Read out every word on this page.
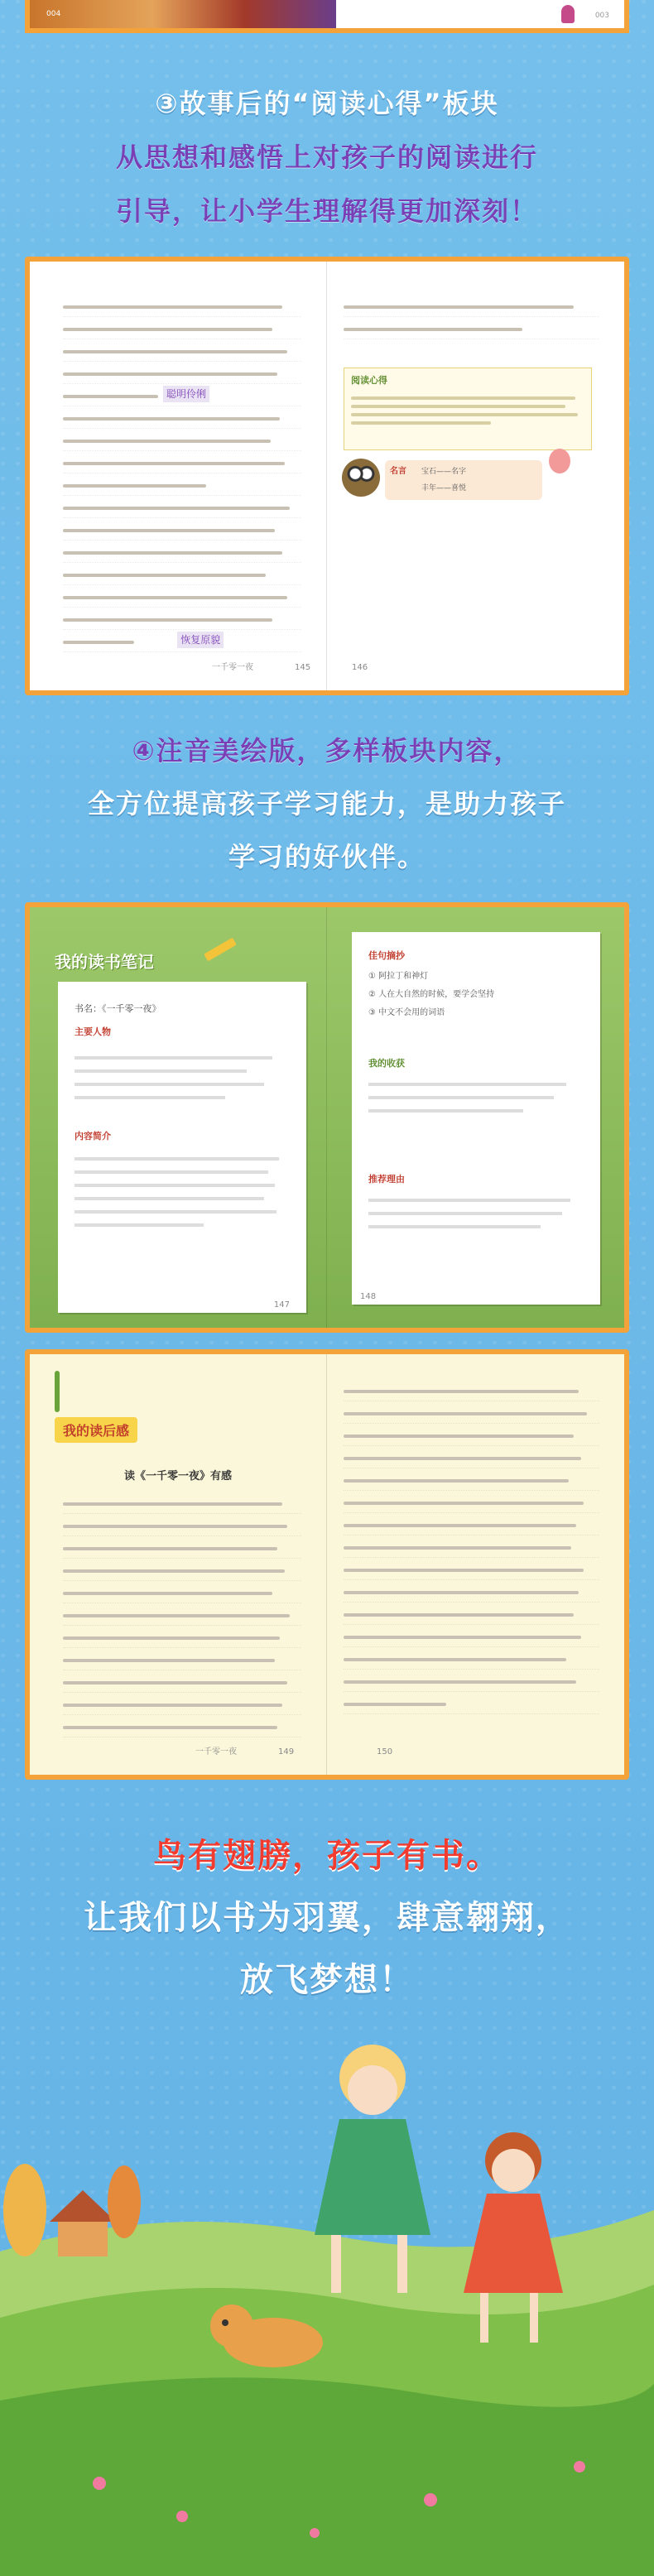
004	003
③故事后的“阅读心得”板块
从思想和感悟上对孩子的阅读进行
引导，让小学生理解得更加深刻！
聪明伶俐
恢复原貌
一千零一夜	145
阅读心得
名言 宝石——名字
丰年——喜悦
146
④注音美绘版，多样板块内容，
全方位提高孩子学习能力，是助力孩子
学习的好伙伴。
我的读书笔记
书名：《一千零一夜》
主要人物
内容简介
147
佳句摘抄
① 阿拉丁和神灯
② 人在大自然的时候，要学会坚持
③ 中文不会用的词语
我的收获
推荐理由
148
我的读后感
读《一千零一夜》有感
一千零一夜	149	150
鸟有翅膀，孩子有书。
让我们以书为羽翼，肆意翱翔，
放飞梦想！
